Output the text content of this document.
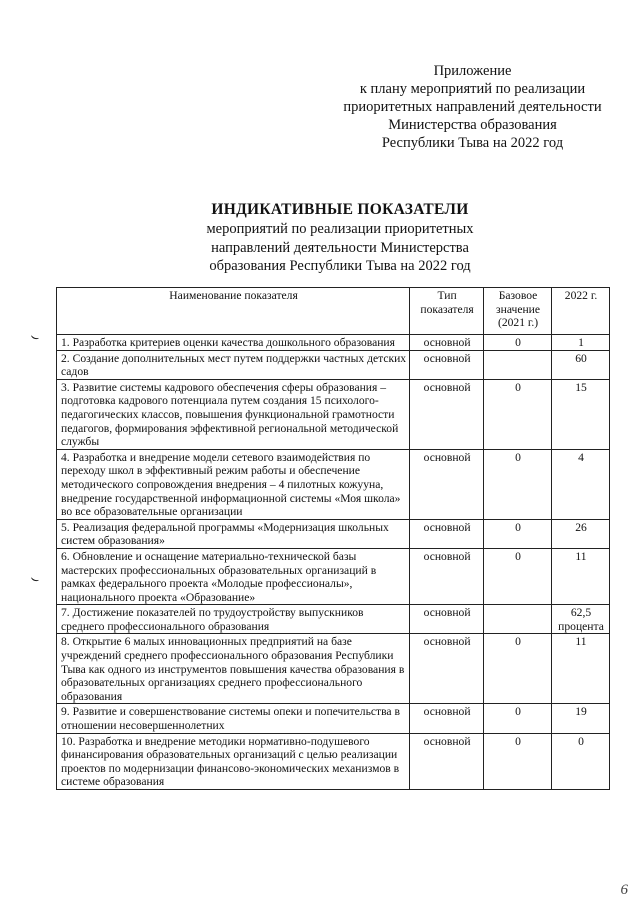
Приложение
к плану мероприятий по реализации
приоритетных направлений деятельности
Министерства образования
Республики Тыва на 2022 год
ИНДИКАТИВНЫЕ ПОКАЗАТЕЛИ
мероприятий по реализации приоритетных
направлений деятельности Министерства
образования Республики Тыва на 2022 год
⌣
⌣
Наименование показателя	Тип показателя	Базовое значение (2021 г.)	2022 г.
1. Разработка критериев оценки качества дошкольного образования	основной	0	1
2. Создание дополнительных мест путем поддержки частных детских садов	основной		60
3. Развитие системы кадрового обеспечения сферы образования – подготовка кадрового потенциала путем создания 15 психолого-педагогических классов, повышения функциональной грамотности педагогов, формирования эффективной региональной методической службы	основной	0	15
4. Разработка и внедрение модели сетевого взаимодействия по переходу школ в эффективный режим работы и обеспечение методического сопровождения внедрения – 4 пилотных кожууна, внедрение государственной информационной системы «Моя школа» во все образовательные организации	основной	0	4
5. Реализация федеральной программы «Модернизация школьных систем образования»	основной	0	26
6. Обновление и оснащение материально-технической базы мастерских профессиональных образовательных организаций в рамках федерального проекта «Молодые профессионалы», национального проекта «Образование»	основной	0	11
7. Достижение показателей по трудоустройству выпускников среднего профессионального образования	основной		62,5 процента
8. Открытие 6 малых инновационных предприятий на базе учреждений среднего профессионального образования Республики Тыва как одного из инструментов повышения качества образования в образовательных организациях среднего профессионального образования	основной	0	11
9. Развитие и совершенствование системы опеки и попечительства в отношении несовершеннолетних	основной	0	19
10. Разработка и внедрение методики нормативно-подушевого финансирования образовательных организаций с целью реализации проектов по модернизации финансово-экономических механизмов в системе образования	основной	0	0
6
